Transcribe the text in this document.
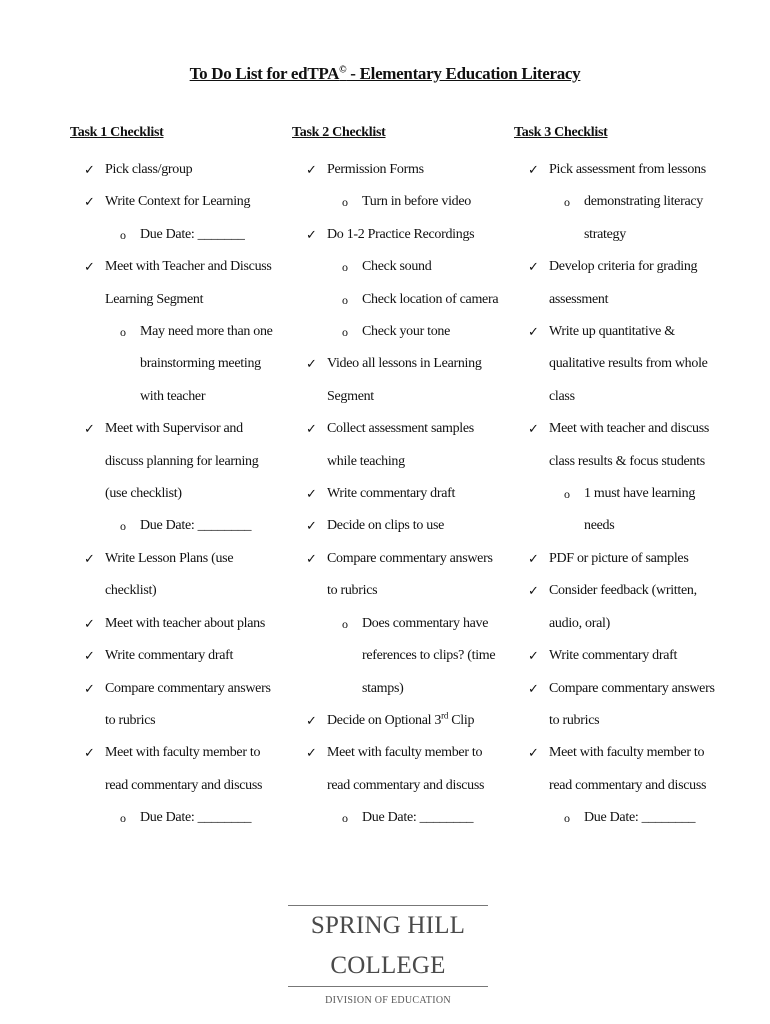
To Do List for edTPA© - Elementary Education Literacy
Task 1 Checklist
✓ Pick class/group
✓ Write Context for Learning
o Due Date: _______
✓ Meet with Teacher and Discuss
Learning Segment
o May need more than one
brainstorming meeting
with teacher
✓ Meet with Supervisor and
discuss planning for learning
(use checklist)
o Due Date: ________
✓ Write Lesson Plans (use
checklist)
✓ Meet with teacher about plans
✓ Write commentary draft
✓ Compare commentary answers
to rubrics
✓ Meet with faculty member to
read commentary and discuss
o Due Date: ________
Task 2 Checklist
✓ Permission Forms
o Turn in before video
✓ Do 1-2 Practice Recordings
o Check sound
o Check location of camera
o Check your tone
✓ Video all lessons in Learning
Segment
✓ Collect assessment samples
while teaching
✓ Write commentary draft
✓ Decide on clips to use
✓ Compare commentary answers
to rubrics
o Does commentary have
references to clips? (time
stamps)
✓ Decide on Optional 3rd Clip
✓ Meet with faculty member to
read commentary and discuss
o Due Date: ________
Task 3 Checklist
✓ Pick assessment from lessons
o demonstrating literacy
strategy
✓ Develop criteria for grading
assessment
✓ Write up quantitative &
qualitative results from whole
class
✓ Meet with teacher and discuss
class results & focus students
o 1 must have learning
needs
✓ PDF or picture of samples
✓ Consider feedback (written,
audio, oral)
✓ Write commentary draft
✓ Compare commentary answers
to rubrics
✓ Meet with faculty member to
read commentary and discuss
o Due Date: ________
SPRING HILL COLLEGE
DIVISION OF EDUCATION
